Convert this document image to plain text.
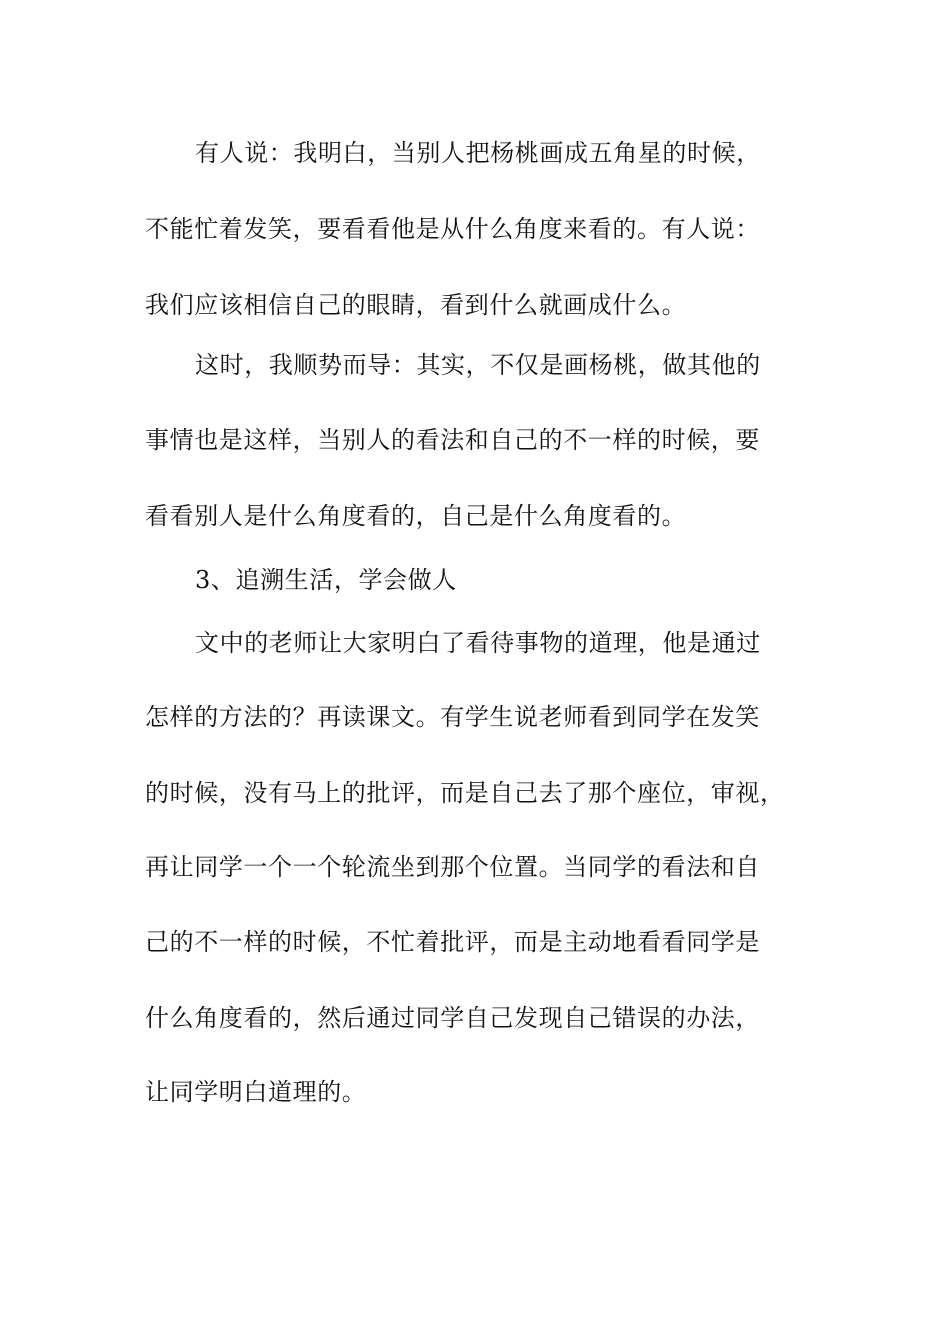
有人说：我明白，当别人把杨桃画成五角星的时候，
不能忙着发笑，要看看他是从什么角度来看的。有人说：
我们应该相信自己的眼睛，看到什么就画成什么。
这时，我顺势而导：其实，不仅是画杨桃，做其他的
事情也是这样，当别人的看法和自己的不一样的时候，要
看看别人是什么角度看的，自己是什么角度看的。
3、追溯生活，学会做人
文中的老师让大家明白了看待事物的道理，他是通过
怎样的方法的？再读课文。有学生说老师看到同学在发笑
的时候，没有马上的批评，而是自己去了那个座位，审视，
再让同学一个一个轮流坐到那个位置。当同学的看法和自
己的不一样的时候，不忙着批评，而是主动地看看同学是
什么角度看的，然后通过同学自己发现自己错误的办法，
让同学明白道理的。
